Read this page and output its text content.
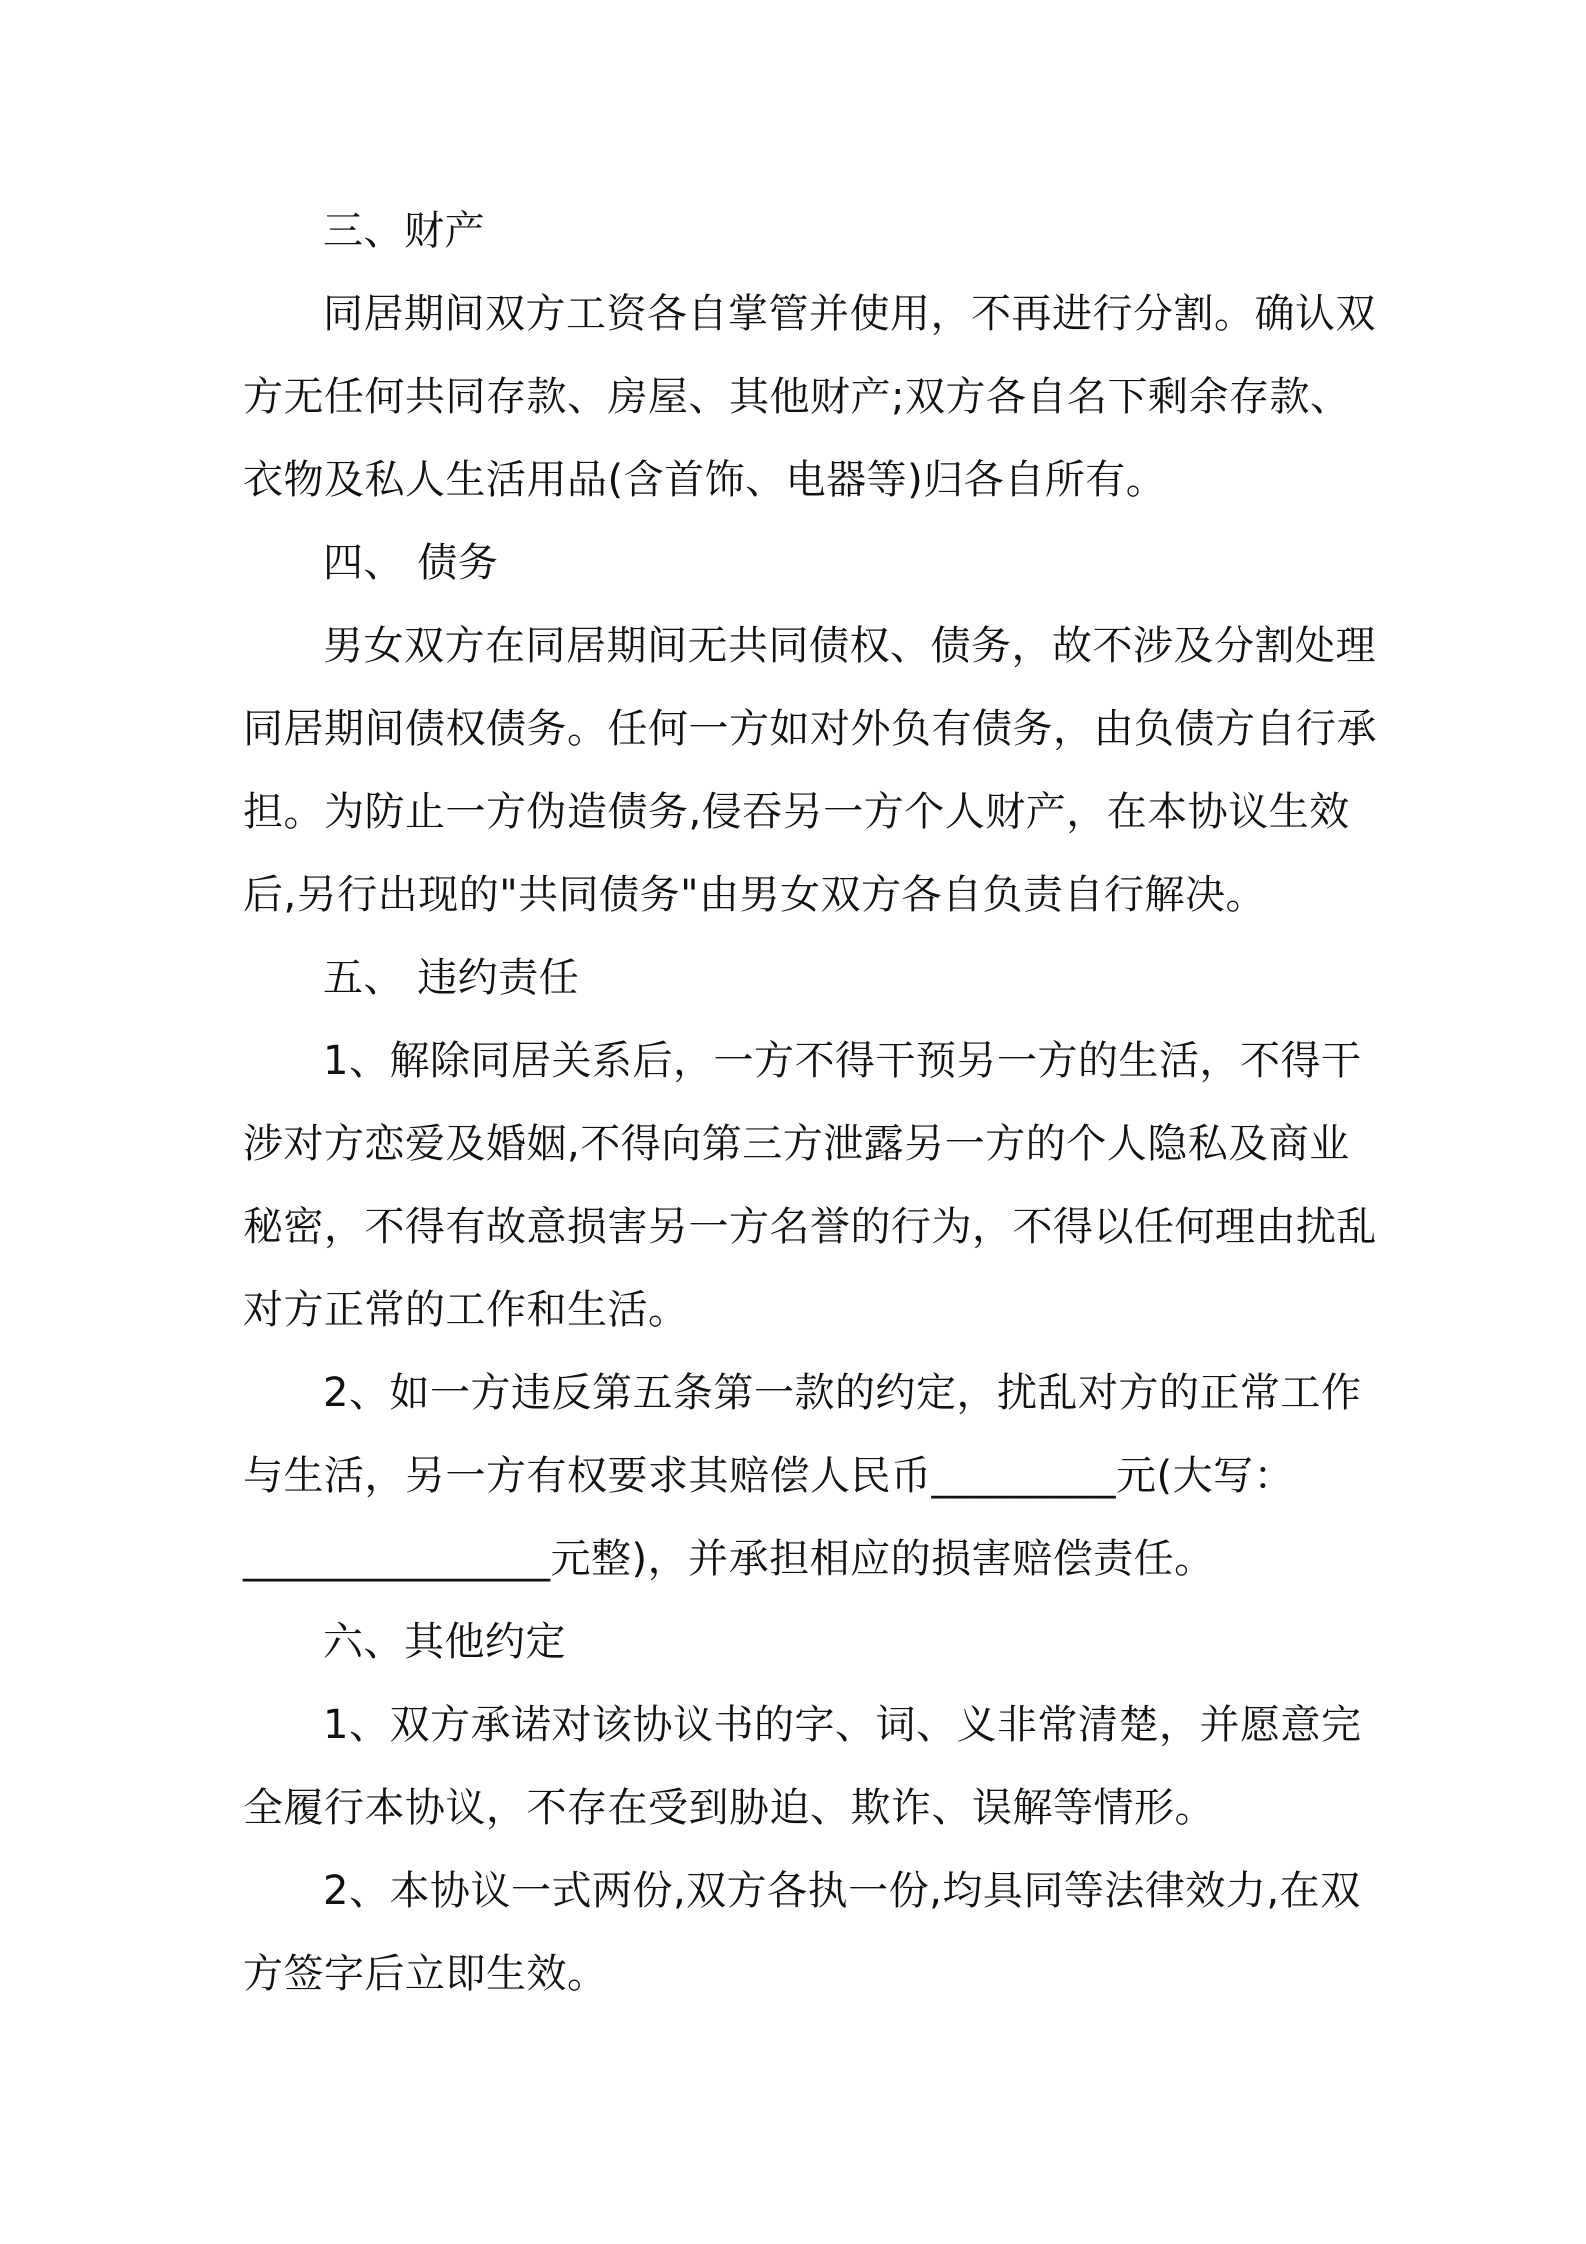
三、财产
同居期间双方工资各自掌管并使用，不再进行分割。确认双
方无任何共同存款、房屋、其他财产;双方各自名下剩余存款、
衣物及私人生活用品(含首饰、电器等)归各自所有。
四、 债务
男女双方在同居期间无共同债权、债务，故不涉及分割处理
同居期间债权债务。任何一方如对外负有债务，由负债方自行承
担。为防止一方伪造债务,侵吞另一方个人财产，在本协议生效
后,另行出现的"共同债务"由男女双方各自负责自行解决。
五、 违约责任
1、解除同居关系后，一方不得干预另一方的生活，不得干
涉对方恋爱及婚姻,不得向第三方泄露另一方的个人隐私及商业
秘密，不得有故意损害另一方名誉的行为，不得以任何理由扰乱
对方正常的工作和生活。
2、如一方违反第五条第一款的约定，扰乱对方的正常工作
与生活，另一方有权要求其赔偿人民币_________元(大写：
_______________元整)，并承担相应的损害赔偿责任。
六、其他约定
1、双方承诺对该协议书的字、词、义非常清楚，并愿意完
全履行本协议，不存在受到胁迫、欺诈、误解等情形。
2、本协议一式两份,双方各执一份,均具同等法律效力,在双
方签字后立即生效。
